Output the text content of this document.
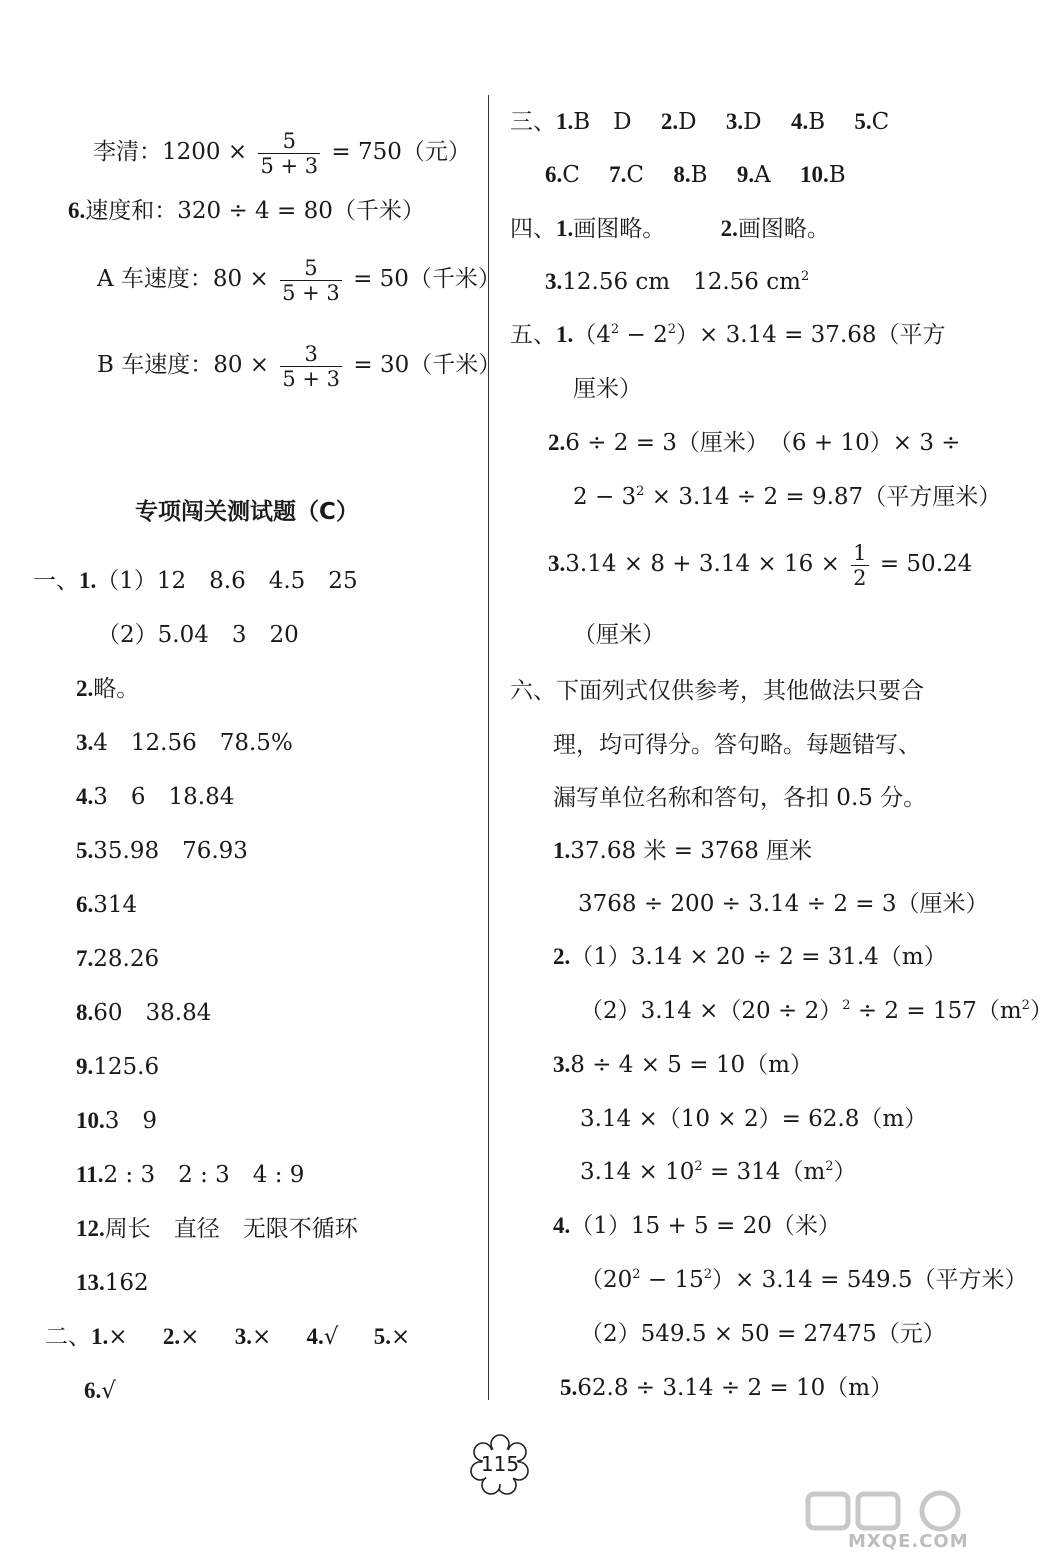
李清：$1200 \times \frac{5}{5 + 3} = 750$（元）
6.速度和：320 ÷ 4 = 80（千米）
A 车速度：$80 \times \frac{5}{5 + 3} = 50$（千米）
B 车速度：$80 \times \frac{3}{5 + 3} = 30$（千米）
专项闯关测试题（C）
一、1.（1）12　8.6　4.5　25
（2）5.04　3　20
2.略。
3.4　12.56　78.5%
4.3　6　18.84
5.35.98　76.93
6.314
7.28.26
8.60　38.84
9.125.6
10.3　9
11.2 : 3　2 : 3　4 : 9
12.周长　直径　无限不循环
13.162
二、1.× 2.× 3.× 4.√ 5.×
6.√
三、1.B　D 2.D 3.D 4.B 5.C
6.C 7.C 8.B 9.A 10.B
四、1.画图略。 2.画图略。
3.12.56 cm　12.56 $cm^2$
五、$1.(4^2 - 2^2)\times 3.14 = 37.68$（平方
厘米）
2.6 ÷ 2 = 3（厘米）　（6 + 10）× 3 ÷
$2 - 3^2 \times 3.14 \div 2 = 9.87$（平方厘米）
$3.3.14 \times 8 + 3.14 \times 16 \times \frac{1}{2} = 50.24$
（厘米）
六、下面列式仅供参考，其他做法只要合
理，均可得分。答句略。每题错写、
漏写单位名称和答句，各扣 0.5 分。
1.37.68 米 = 3768 厘米
3768 ÷ 200 ÷ 3.14 ÷ 2 = 3（厘米）
2.（1）3.14 × 20 ÷ 2 = 31.4（m）
$(2)3.14 \times(20 \div 2)^2 \div 2 = 157(m^2)$
3.8 ÷ 4 × 5 = 10（m）
3.14 ×（10 × 2）= 62.8（m）
$3.14 \times 10^2 = 314(m^2)$
4.（1）15 + 5 = 20（米）
$(20^2 - 15^2)\times 3.14 = 549.5$（平方米）
（2）549.5 × 50 = 27475（元）
5.62.8 ÷ 3.14 ÷ 2 = 10（m）
115
MXQE.COM
